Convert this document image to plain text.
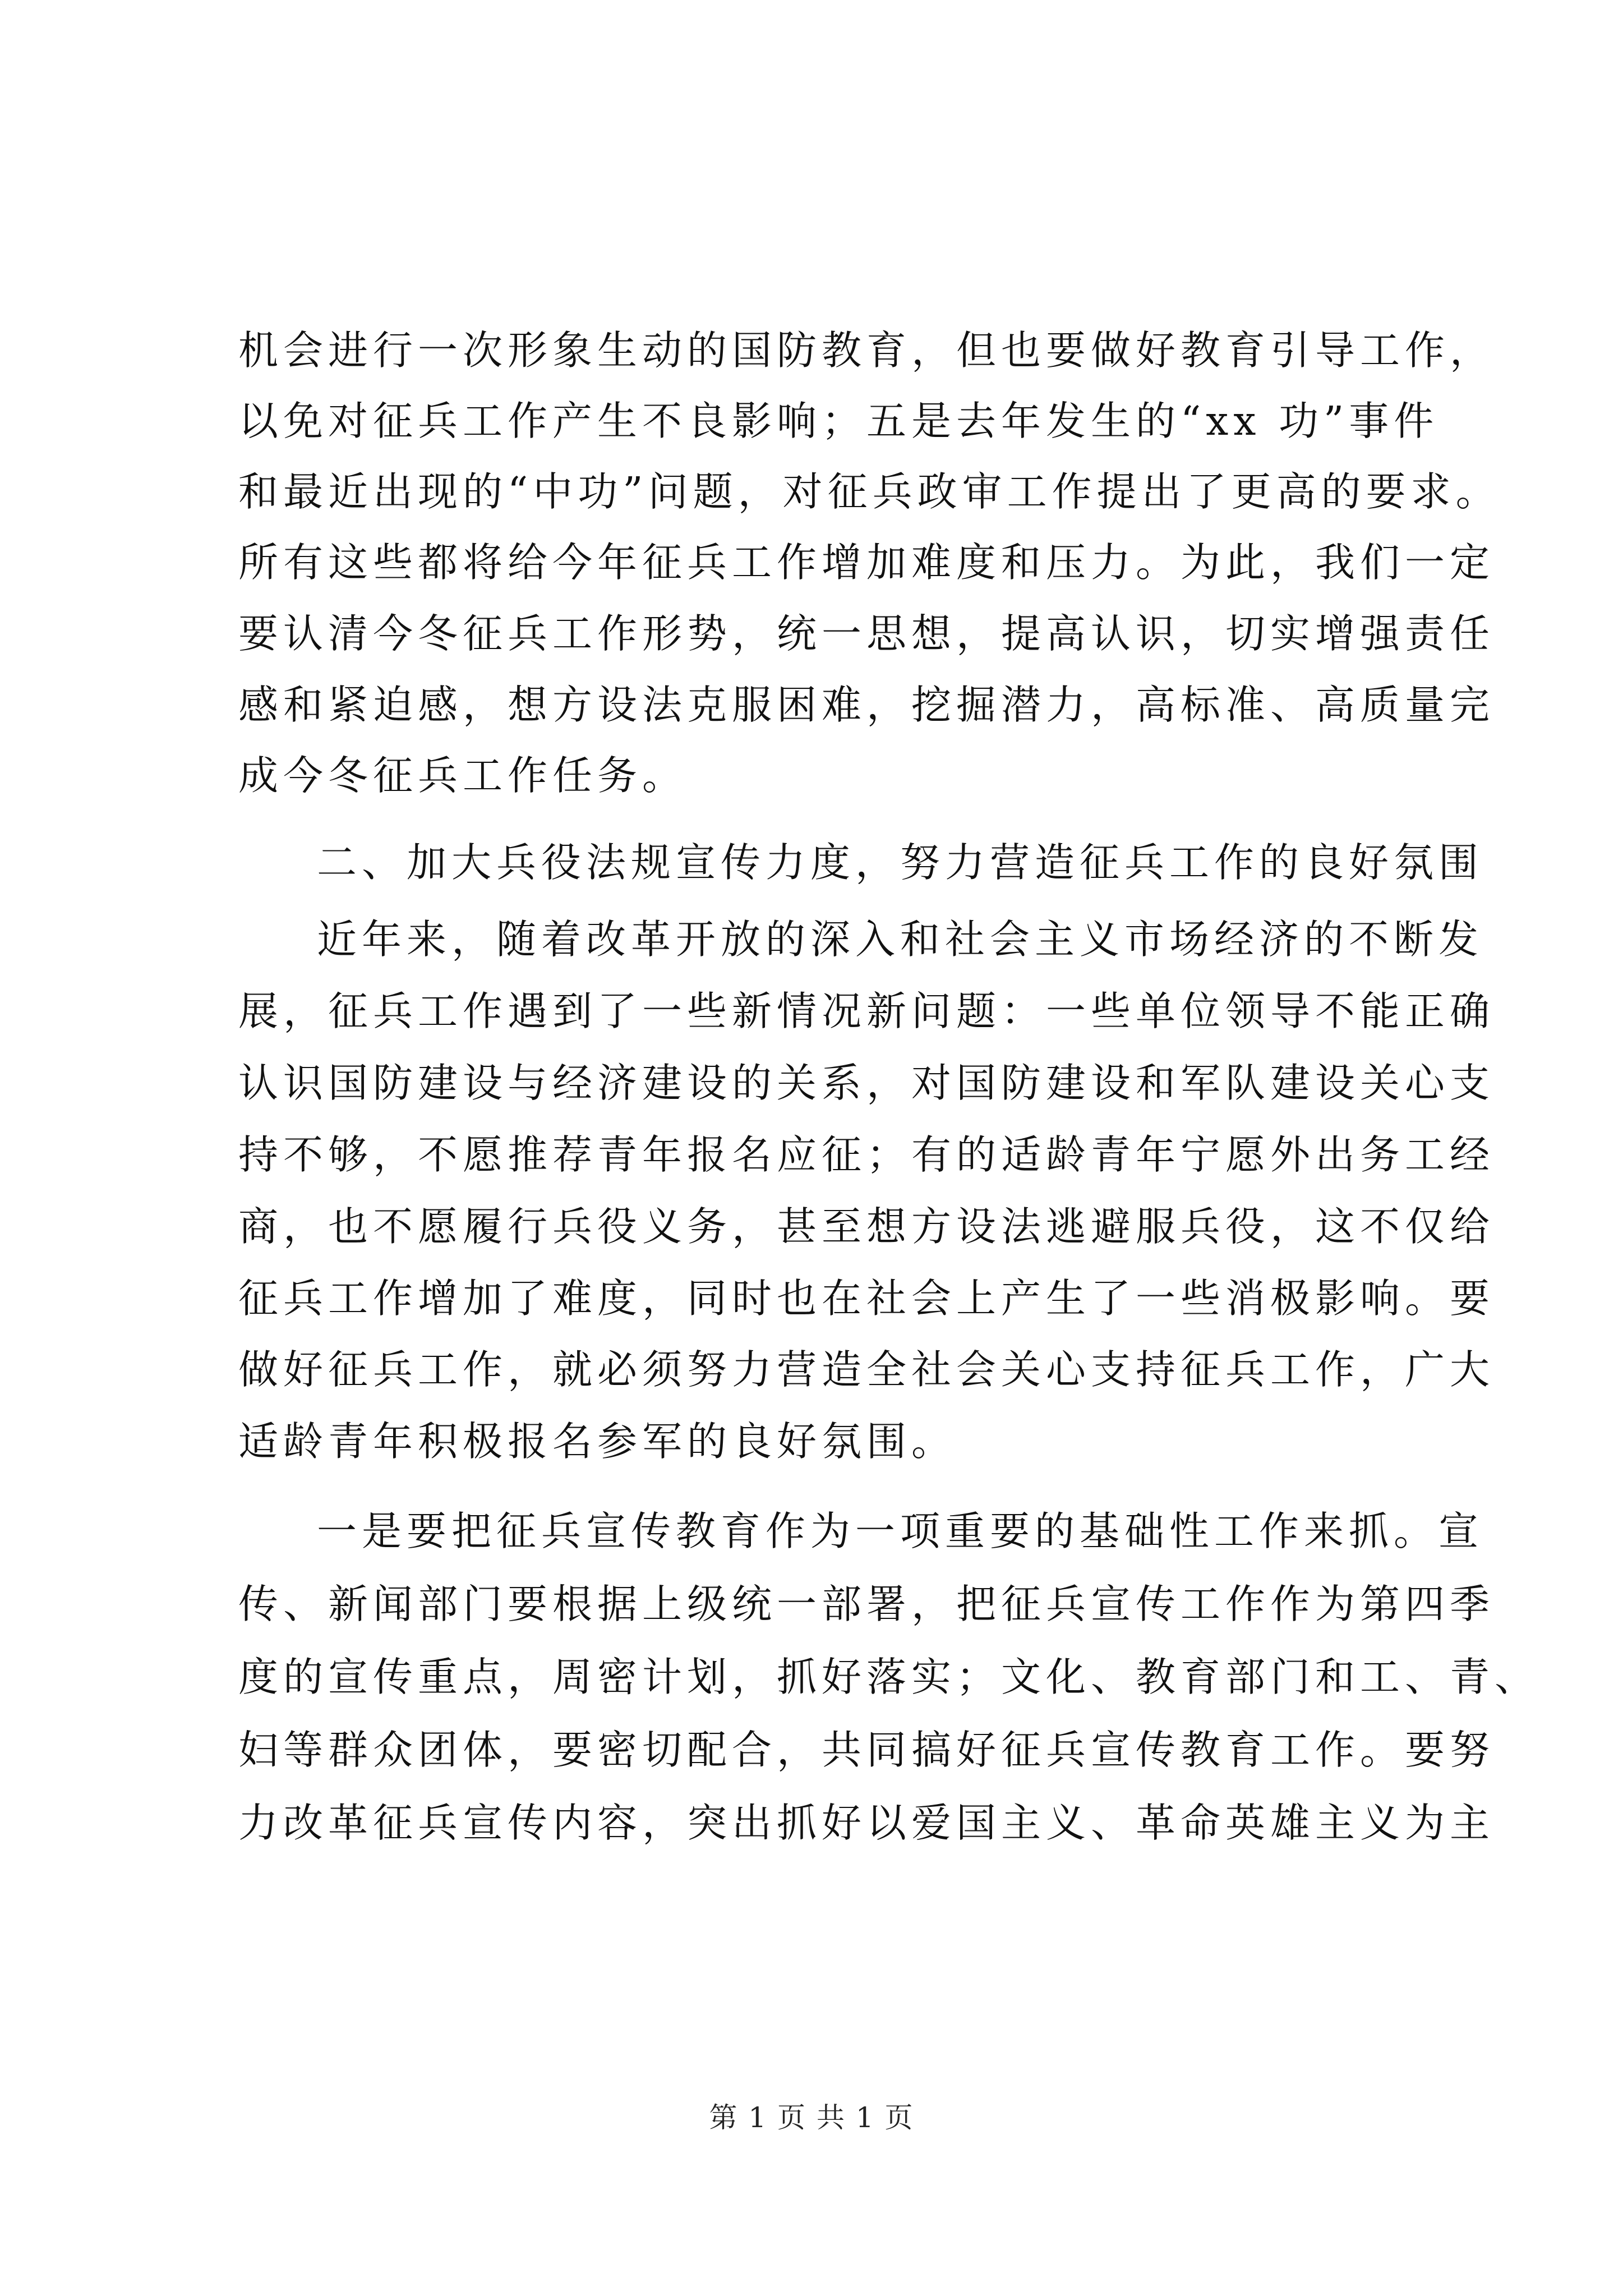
机会进行一次形象生动的国防教育，但也要做好教育引导工作，
以免对征兵工作产生不良影响；五是去年发生的“xx 功”事件
和最近出现的“中功”问题，对征兵政审工作提出了更高的要求。
所有这些都将给今年征兵工作增加难度和压力。为此，我们一定
要认清今冬征兵工作形势，统一思想，提高认识，切实增强责任
感和紧迫感，想方设法克服困难，挖掘潜力，高标准、高质量完
成今冬征兵工作任务。
二、加大兵役法规宣传力度，努力营造征兵工作的良好氛围
近年来，随着改革开放的深入和社会主义市场经济的不断发
展，征兵工作遇到了一些新情况新问题：一些单位领导不能正确
认识国防建设与经济建设的关系，对国防建设和军队建设关心支
持不够，不愿推荐青年报名应征；有的适龄青年宁愿外出务工经
商，也不愿履行兵役义务，甚至想方设法逃避服兵役，这不仅给
征兵工作增加了难度，同时也在社会上产生了一些消极影响。要
做好征兵工作，就必须努力营造全社会关心支持征兵工作，广大
适龄青年积极报名参军的良好氛围。
一是要把征兵宣传教育作为一项重要的基础性工作来抓。宣
传、新闻部门要根据上级统一部署，把征兵宣传工作作为第四季
度的宣传重点，周密计划，抓好落实；文化、教育部门和工、青、
妇等群众团体，要密切配合，共同搞好征兵宣传教育工作。要努
力改革征兵宣传内容，突出抓好以爱国主义、革命英雄主义为主
第 1 页 共 1 页
